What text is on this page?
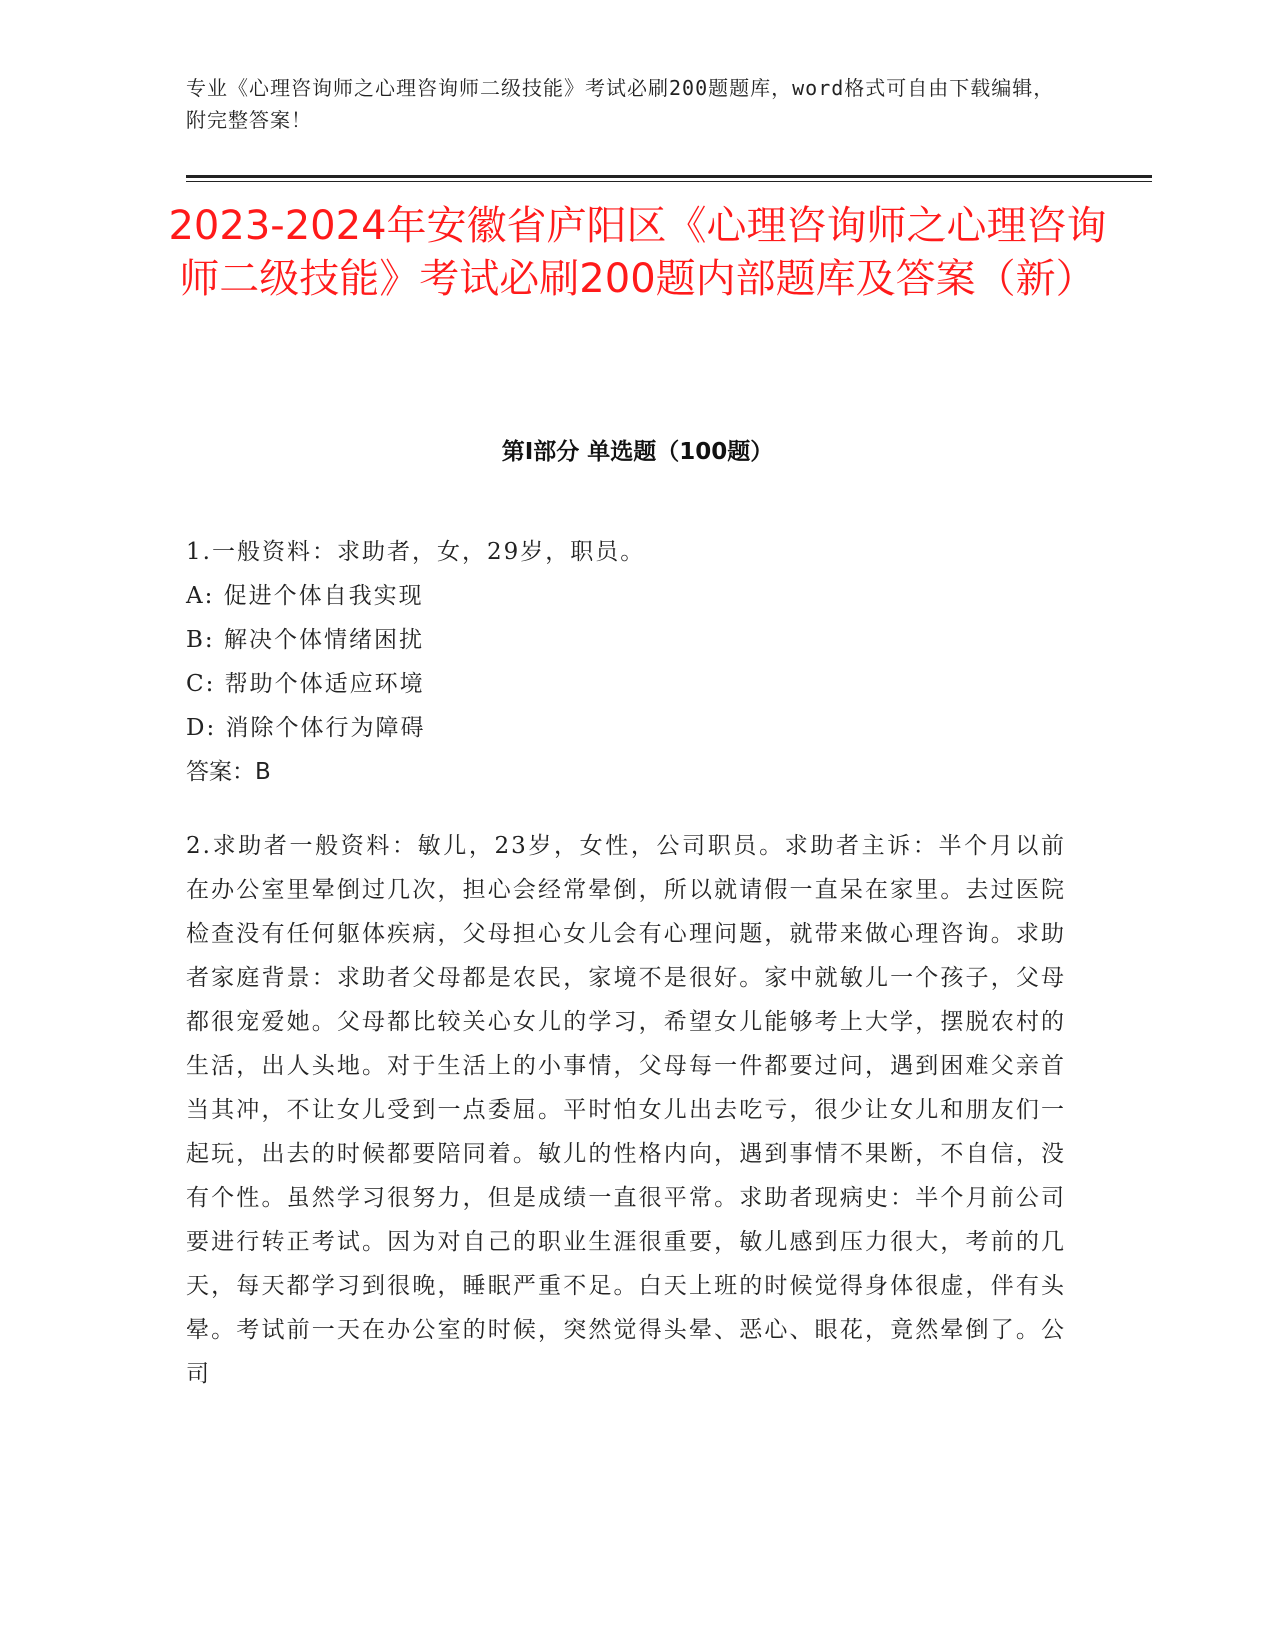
专业《心理咨询师之心理咨询师二级技能》考试必刷200题题库，word格式可自由下载编辑，附完整答案！
2023-2024年安徽省庐阳区《心理咨询师之心理咨询师二级技能》考试必刷200题内部题库及答案（新）
第Ⅰ部分 单选题（100题）
1.一般资料：求助者，女，29岁，职员。
A: 促进个体自我实现
B: 解决个体情绪困扰
C: 帮助个体适应环境
D: 消除个体行为障碍
答案：B
2.求助者一般资料：敏儿，23岁，女性，公司职员。求助者主诉：半个月以前在办公室里晕倒过几次，担心会经常晕倒，所以就请假一直呆在家里。去过医院检查没有任何躯体疾病，父母担心女儿会有心理问题，就带来做心理咨询。求助者家庭背景：求助者父母都是农民，家境不是很好。家中就敏儿一个孩子，父母都很宠爱她。父母都比较关心女儿的学习，希望女儿能够考上大学，摆脱农村的生活，出人头地。对于生活上的小事情，父母每一件都要过问，遇到困难父亲首当其冲，不让女儿受到一点委屈。平时怕女儿出去吃亏，很少让女儿和朋友们一起玩，出去的时候都要陪同着。敏儿的性格内向，遇到事情不果断，不自信，没有个性。虽然学习很努力，但是成绩一直很平常。求助者现病史：半个月前公司要进行转正考试。因为对自己的职业生涯很重要，敏儿感到压力很大，考前的几天，每天都学习到很晚，睡眠严重不足。白天上班的时候觉得身体很虚，伴有头晕。考试前一天在办公室的时候，突然觉得头晕、恶心、眼花，竟然晕倒了。公司
